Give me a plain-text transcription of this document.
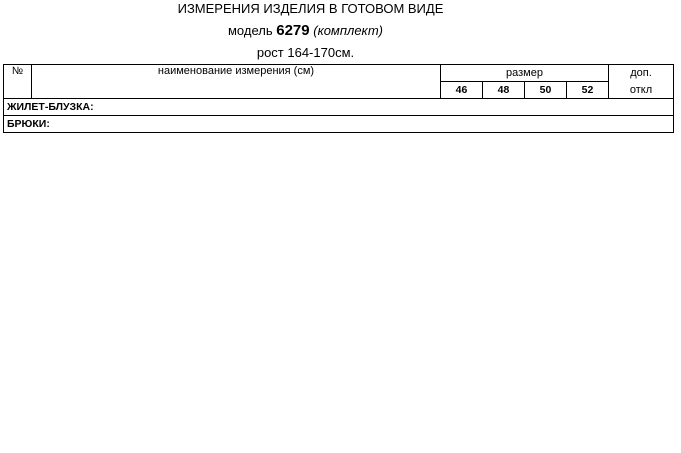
ИЗМЕРЕНИЯ ИЗДЕЛИЯ В ГОТОВОМ ВИДЕ
модель 6279 (комплект)
рост 164-170см.
№	наименование измерения (см)	размер				доп.
		46	48	50	52	откл
ЖИЛЕТ-БЛУЗКА:						
БРЮКИ:						
